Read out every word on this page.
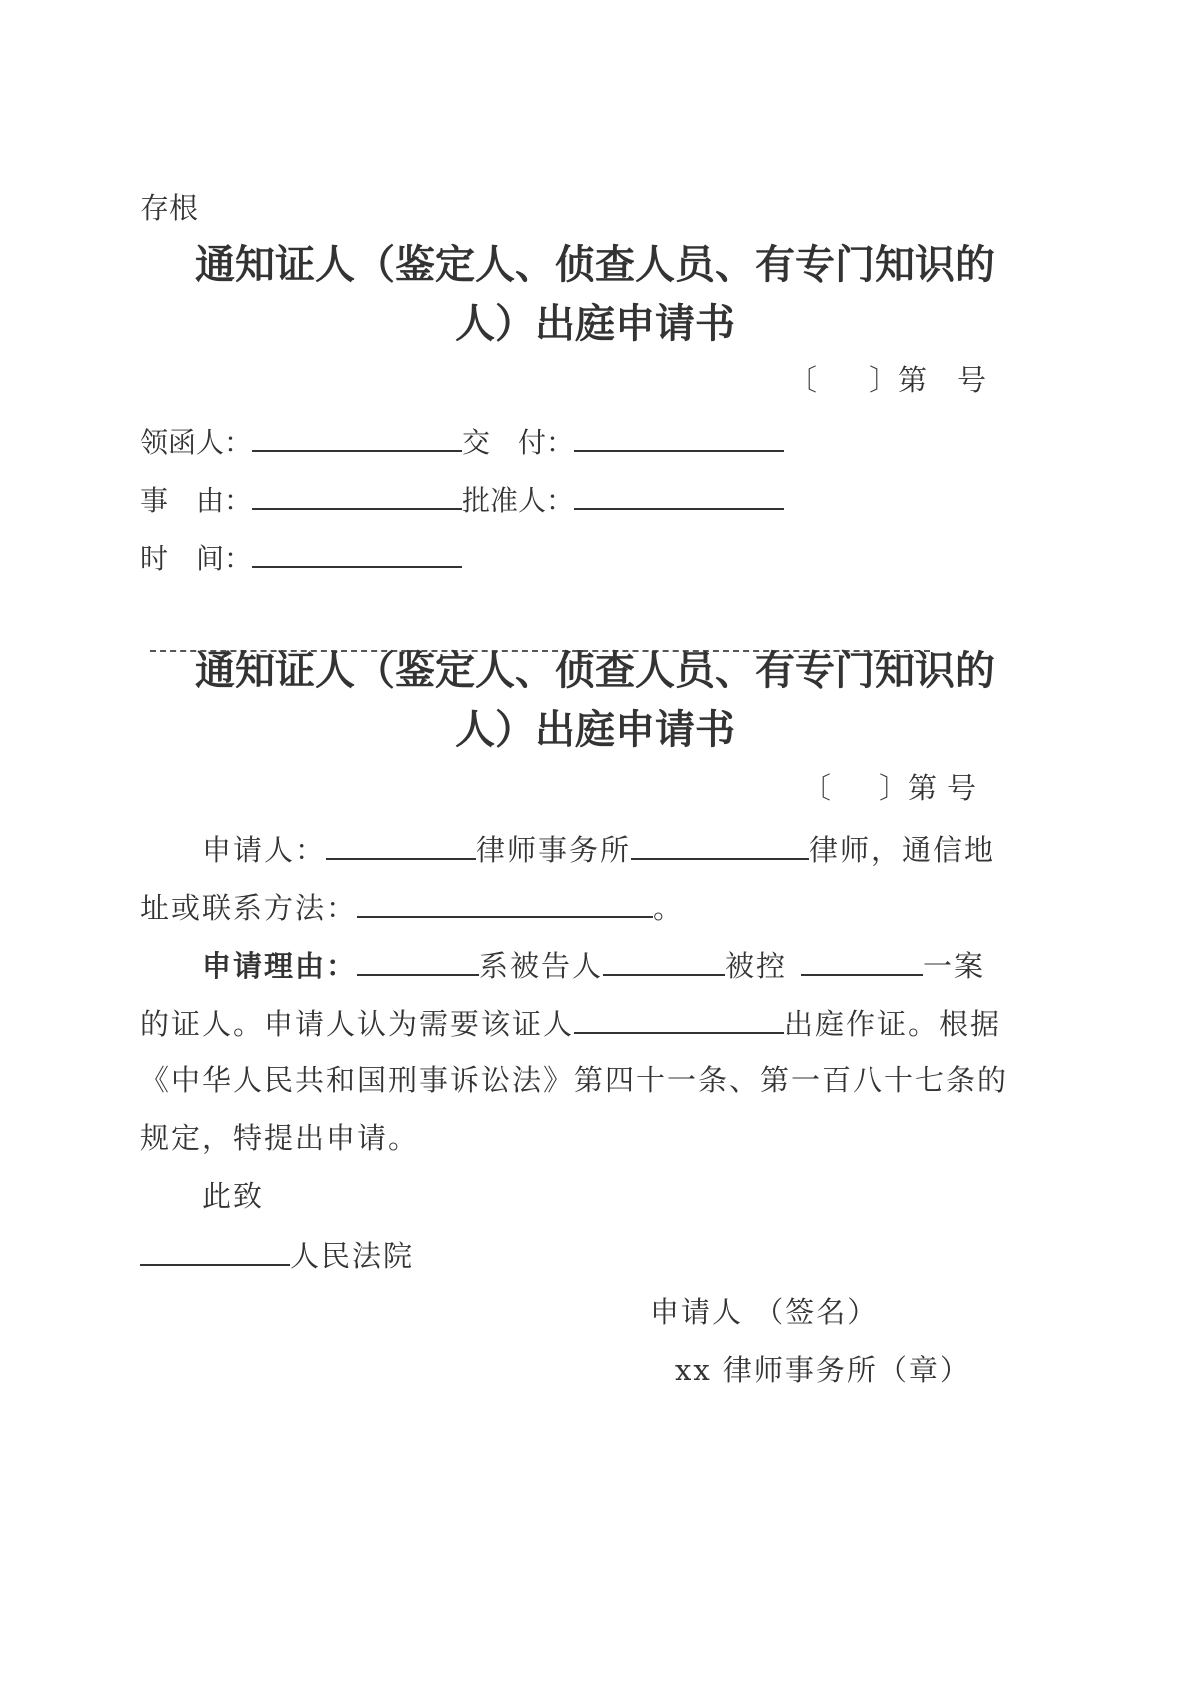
存根
通知证人（鉴定人、侦查人员、有专门知识的
人）出庭申请书
〔 〕第 号
领函人：	交　付：
事　由：	批准人：
时　间：
通知证人（鉴定人、侦查人员、有专门知识的
人）出庭申请书
〔 〕第 号
申请人：	律师事务所	律师，通信地
址或联系方法：	。
申请理由：	系被告人	被控	一案
的证人。申请人认为需要该证人	出庭作证。根据
《中华人民共和国刑事诉讼法》第四十一条、第一百八十七条的
规定，特提出申请。
此致
人民法院
申请人 （签名）
xx 律师事务所（章）
